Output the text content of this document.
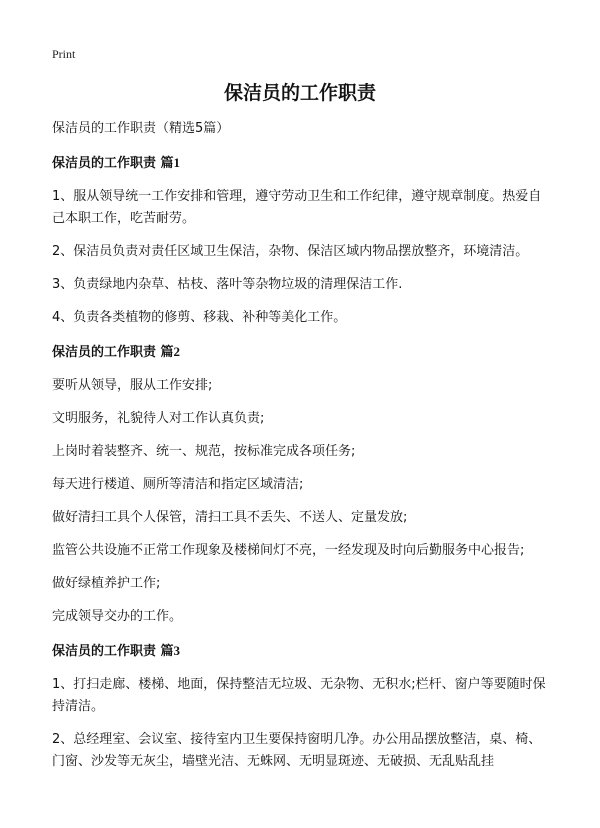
Print
保洁员的工作职责

保洁员的工作职责（精选5篇）

保洁员的工作职责 篇1

1、服从领导统一工作安排和管理，遵守劳动卫生和工作纪律，遵守规章制度。热爱自己本职工作，吃苦耐劳。

2、保洁员负责对责任区域卫生保洁，杂物、保洁区域内物品摆放整齐，环境清洁。

3、负责绿地内杂草、枯枝、落叶等杂物垃圾的清理保洁工作.

4、负责各类植物的修剪、移栽、补种等美化工作。

保洁员的工作职责 篇2

要听从领导，服从工作安排;

文明服务，礼貌待人对工作认真负责;

上岗时着装整齐、统一、规范，按标准完成各项任务;

每天进行楼道、厕所等清洁和指定区域清洁;

做好清扫工具个人保管，清扫工具不丢失、不送人、定量发放;

监管公共设施不正常工作现象及楼梯间灯不亮，一经发现及时向后勤服务中心报告;

做好绿植养护工作;

完成领导交办的工作。

保洁员的工作职责 篇3

1、打扫走廊、楼梯、地面，保持整洁无垃圾、无杂物、无积水;栏杆、窗户等要随时保持清洁。

2、总经理室、会议室、接待室内卫生要保持窗明几净。办公用品摆放整洁，桌、椅、门窗、沙发等无灰尘，墙壁光洁、无蛛网、无明显斑迹、无破损、无乱贴乱挂
